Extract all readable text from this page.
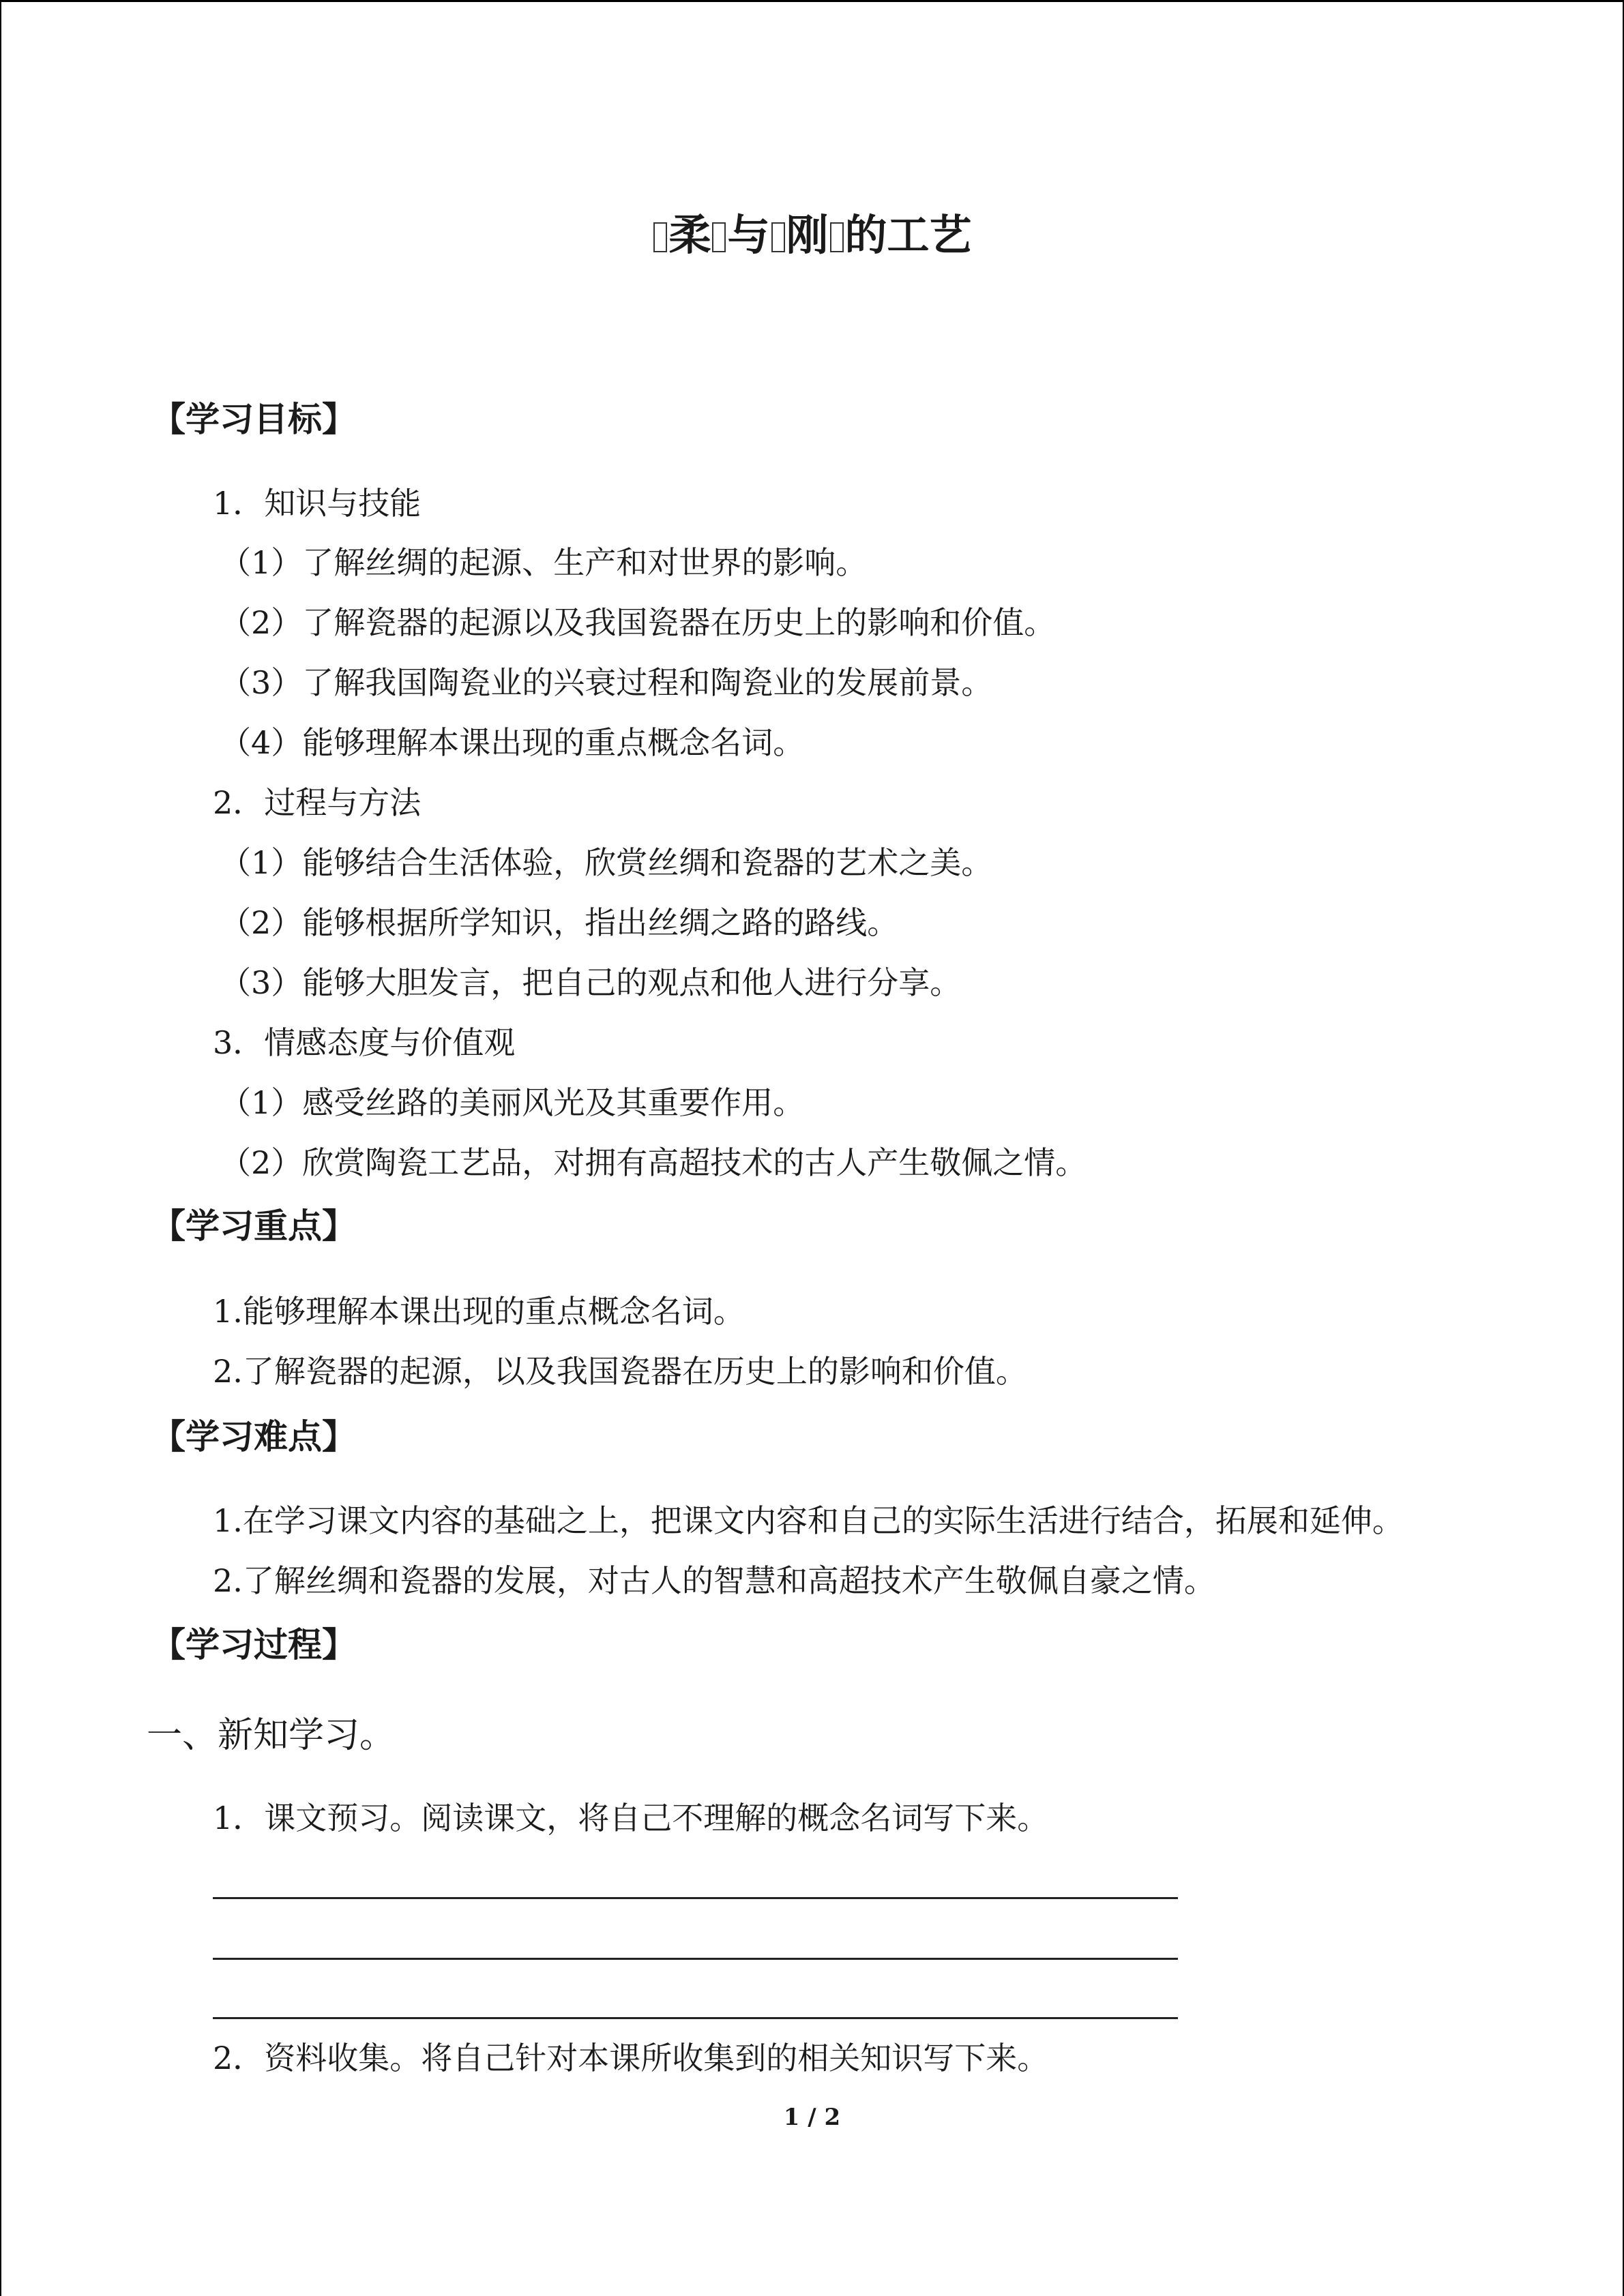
柔 与 刚 的工艺
【学习目标】
1．知识与技能
（1）了解丝绸的起源、生产和对世界的影响。
（2）了解瓷器的起源以及我国瓷器在历史上的影响和价值。
（3）了解我国陶瓷业的兴衰过程和陶瓷业的发展前景。
（4）能够理解本课出现的重点概念名词。
2．过程与方法
（1）能够结合生活体验，欣赏丝绸和瓷器的艺术之美。
（2）能够根据所学知识，指出丝绸之路的路线。
（3）能够大胆发言，把自己的观点和他人进行分享。
3．情感态度与价值观
（1）感受丝路的美丽风光及其重要作用。
（2）欣赏陶瓷工艺品，对拥有高超技术的古人产生敬佩之情。
【学习重点】
1.能够理解本课出现的重点概念名词。
2.了解瓷器的起源，以及我国瓷器在历史上的影响和价值。
【学习难点】
1.在学习课文内容的基础之上，把课文内容和自己的实际生活进行结合，拓展和延伸。
2.了解丝绸和瓷器的发展，对古人的智慧和高超技术产生敬佩自豪之情。
【学习过程】
一、新知学习。
1．课文预习。阅读课文，将自己不理解的概念名词写下来。
2．资料收集。将自己针对本课所收集到的相关知识写下来。
1 / 2
